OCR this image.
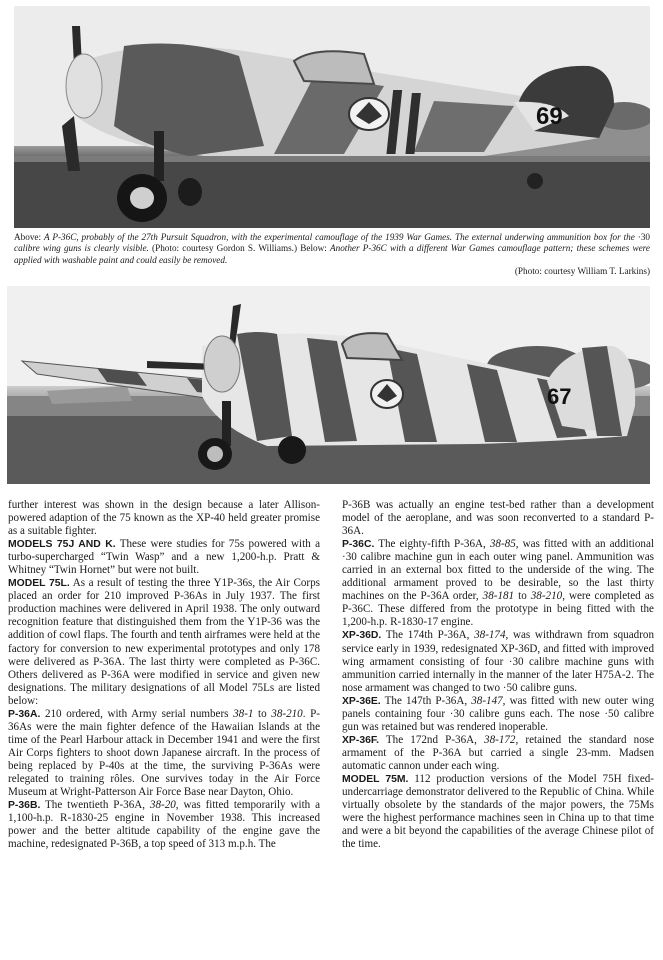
69

Above: A P-36C, probably of the 27th Pursuit Squadron, with the experimental camouflage of the 1939 War Games. The external underwing ammunition box for the ·30 calibre wing guns is clearly visible. (Photo: courtesy Gordon S. Williams.) Below: Another P-36C with a different War Games camouflage pattern; these schemes were applied with washable paint and could easily be removed.

(Photo: courtesy William T. Larkins)

67

further interest was shown in the design because a later Allison-powered adaption of the 75 known as the XP-40 held greater promise as a suitable fighter.

MODELS 75J AND K. These were studies for 75s powered with a turbo-supercharged “Twin Wasp” and a new 1,200-h.p. Pratt & Whitney “Twin Hornet” but were not built.

MODEL 75L. As a result of testing the three Y1P-36s, the Air Corps placed an order for 210 improved P-36As in July 1937. The first production machines were delivered in April 1938. The only outward recognition feature that distinguished them from the Y1P-36 was the addition of cowl flaps. The fourth and tenth airframes were held at the factory for conversion to new experimental prototypes and only 178 were delivered as P-36A. The last thirty were completed as P-36C. Others delivered as P-36A were modified in service and given new designations. The military designations of all Model 75Ls are listed below:

P-36A. 210 ordered, with Army serial numbers 38-1 to 38-210. P-36As were the main fighter defence of the Hawaiian Islands at the time of the Pearl Harbour attack in December 1941 and were the first Air Corps fighters to shoot down Japanese aircraft. In the process of being replaced by P-40s at the time, the surviving P-36As were relegated to training rôles. One survives today in the Air Force Museum at Wright-Patterson Air Force Base near Dayton, Ohio.

P-36B. The twentieth P-36A, 38-20, was fitted temporarily with a 1,100-h.p. R-1830-25 engine in November 1938. This increased power and the better altitude capability of the engine gave the machine, redesignated P-36B, a top speed of 313 m.p.h. The

P-36B was actually an engine test-bed rather than a development model of the aeroplane, and was soon reconverted to a standard P-36A.

P-36C. The eighty-fifth P-36A, 38-85, was fitted with an additional ·30 calibre machine gun in each outer wing panel. Ammunition was carried in an external box fitted to the underside of the wing. The additional armament proved to be desirable, so the last thirty machines on the P-36A order, 38-181 to 38-210, were completed as P-36C. These differed from the prototype in being fitted with the 1,200-h.p. R-1830-17 engine.

XP-36D. The 174th P-36A, 38-174, was withdrawn from squadron service early in 1939, redesignated XP-36D, and fitted with improved wing armament consisting of four ·30 calibre machine guns with ammunition carried internally in the manner of the later H75A-2. The nose armament was changed to two ·50 calibre guns.

XP-36E. The 147th P-36A, 38-147, was fitted with new outer wing panels containing four ·30 calibre guns each. The nose ·50 calibre gun was retained but was rendered inoperable.

XP-36F. The 172nd P-36A, 38-172, retained the standard nose armament of the P-36A but carried a single 23-mm. Madsen automatic cannon under each wing.

MODEL 75M. 112 production versions of the Model 75H fixed-undercarriage demonstrator delivered to the Republic of China. While virtually obsolete by the standards of the major powers, the 75Ms were the highest performance machines seen in China up to that time and were a bit beyond the capabilities of the average Chinese pilot of the time.
